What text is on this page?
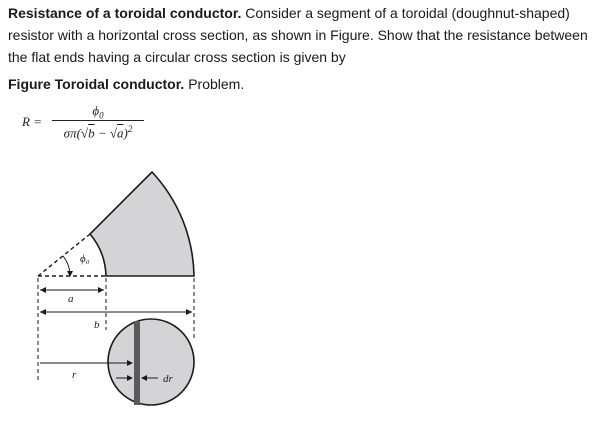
Resistance of a toroidal conductor. Consider a segment of a toroidal (doughnut-shaped) resistor with a horizontal cross section, as shown in Figure. Show that the resistance between the flat ends having a circular cross section is given by

Figure Toroidal conductor. Problem.

R =
$\phi_0$
$\sigma\pi(√b - √a)^2$
ϕ₀
a
b
r	dr
